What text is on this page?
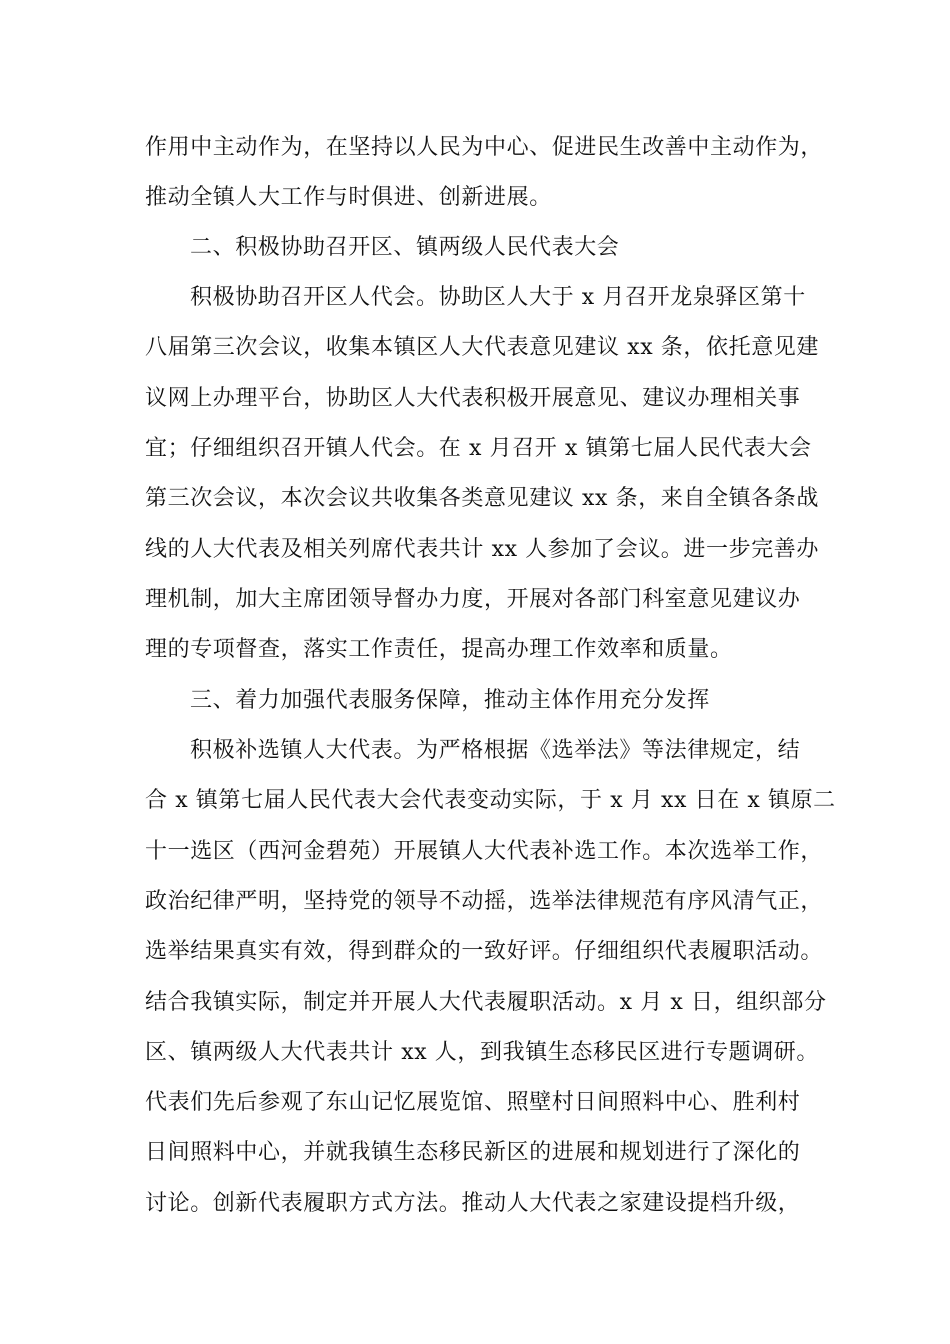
作用中主动作为，在坚持以人民为中心、促进民生改善中主动作为，
推动全镇人大工作与时俱进、创新进展。
二、积极协助召开区、镇两级人民代表大会
积极协助召开区人代会。协助区人大于 x 月召开龙泉驿区第十
八届第三次会议，收集本镇区人大代表意见建议 xx 条，依托意见建
议网上办理平台，协助区人大代表积极开展意见、建议办理相关事
宜；仔细组织召开镇人代会。在 x 月召开 x 镇第七届人民代表大会
第三次会议，本次会议共收集各类意见建议 xx 条，来自全镇各条战
线的人大代表及相关列席代表共计 xx 人参加了会议。进一步完善办
理机制，加大主席团领导督办力度，开展对各部门科室意见建议办
理的专项督查，落实工作责任，提高办理工作效率和质量。
三、着力加强代表服务保障，推动主体作用充分发挥
积极补选镇人大代表。为严格根据《选举法》等法律规定，结
合 x 镇第七届人民代表大会代表变动实际，于 x 月 xx 日在 x 镇原二
十一选区（西河金碧苑）开展镇人大代表补选工作。本次选举工作，
政治纪律严明，坚持党的领导不动摇，选举法律规范有序风清气正，
选举结果真实有效，得到群众的一致好评。仔细组织代表履职活动。
结合我镇实际，制定并开展人大代表履职活动。x 月 x 日，组织部分
区、镇两级人大代表共计 xx 人，到我镇生态移民区进行专题调研。
代表们先后参观了东山记忆展览馆、照壁村日间照料中心、胜利村
日间照料中心，并就我镇生态移民新区的进展和规划进行了深化的
讨论。创新代表履职方式方法。推动人大代表之家建设提档升级，
